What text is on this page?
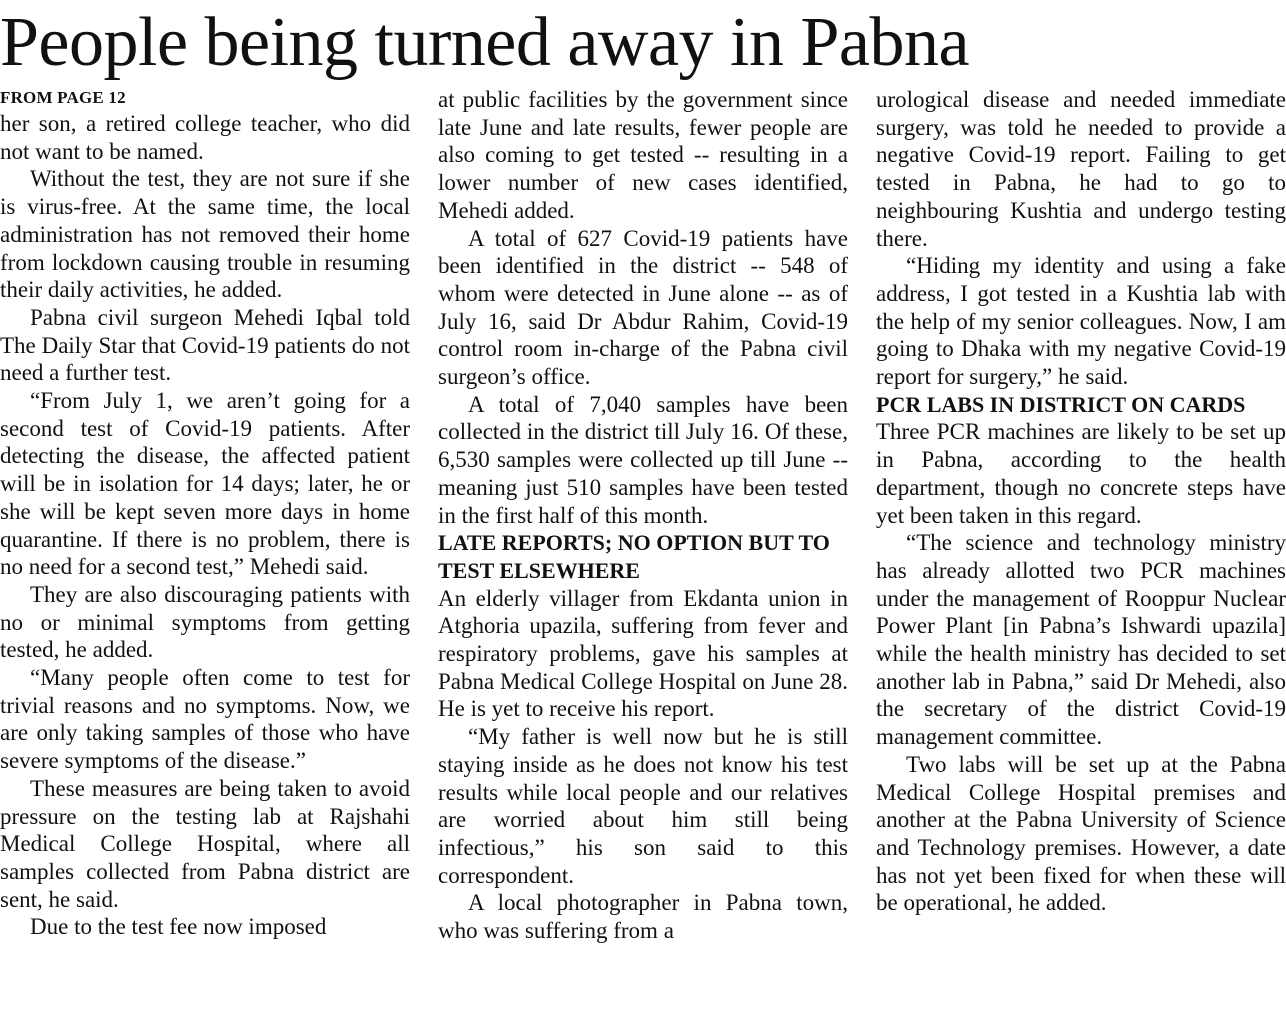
People being turned away in Pabna
FROM PAGE 12

her son, a retired college teacher, who did not want to be named.

Without the test, they are not sure if she is virus-free. At the same time, the local administration has not removed their home from lockdown causing trouble in resuming their daily activities, he added.

Pabna civil surgeon Mehedi Iqbal told The Daily Star that Covid-19 patients do not need a further test.

“From July 1, we aren’t going for a second test of Covid-19 patients. After detecting the disease, the affected patient will be in isolation for 14 days; later, he or she will be kept seven more days in home quarantine. If there is no problem, there is no need for a second test,” Mehedi said.

They are also discouraging patients with no or minimal symptoms from getting tested, he added.

“Many people often come to test for trivial reasons and no symptoms. Now, we are only taking samples of those who have severe symptoms of the disease.”

These measures are being taken to avoid pressure on the testing lab at Rajshahi Medical College Hospital, where all samples collected from Pabna district are sent, he said.

Due to the test fee now imposed

at public facilities by the government since late June and late results, fewer people are also coming to get tested -- resulting in a lower number of new cases identified, Mehedi added.

A total of 627 Covid-19 patients have been identified in the district -- 548 of whom were detected in June alone -- as of July 16, said Dr Abdur Rahim, Covid-19 control room in-charge of the Pabna civil surgeon’s office.

A total of 7,040 samples have been collected in the district till July 16. Of these, 6,530 samples were collected up till June -- meaning just 510 samples have been tested in the first half of this month.

LATE REPORTS; NO OPTION BUT TO TEST ELSEWHERE

An elderly villager from Ekdanta union in Atghoria upazila, suffering from fever and respiratory problems, gave his samples at Pabna Medical College Hospital on June 28. He is yet to receive his report.

“My father is well now but he is still staying inside as he does not know his test results while local people and our relatives are worried about him still being infectious,” his son said to this correspondent.

A local photographer in Pabna town, who was suffering from a

urological disease and needed immediate surgery, was told he needed to provide a negative Covid-19 report. Failing to get tested in Pabna, he had to go to neighbouring Kushtia and undergo testing there.

“Hiding my identity and using a fake address, I got tested in a Kushtia lab with the help of my senior colleagues. Now, I am going to Dhaka with my negative Covid-19 report for surgery,” he said.

PCR LABS IN DISTRICT ON CARDS

Three PCR machines are likely to be set up in Pabna, according to the health department, though no concrete steps have yet been taken in this regard.

“The science and technology ministry has already allotted two PCR machines under the management of Rooppur Nuclear Power Plant [in Pabna’s Ishwardi upazila] while the health ministry has decided to set another lab in Pabna,” said Dr Mehedi, also the secretary of the district Covid-19 management committee.

Two labs will be set up at the Pabna Medical College Hospital premises and another at the Pabna University of Science and Technology premises. However, a date has not yet been fixed for when these will be operational, he added.
